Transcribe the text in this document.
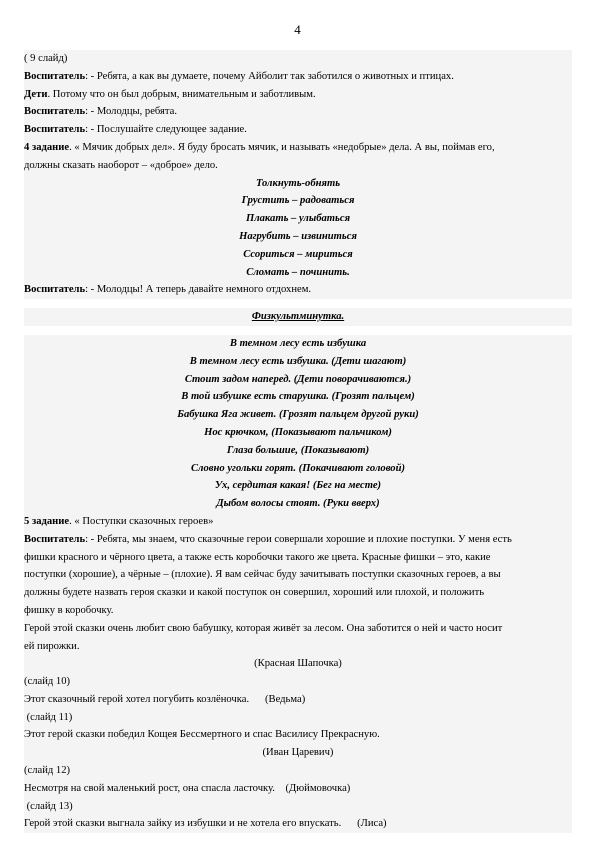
4
( 9 слайд)
Воспитатель: - Ребята, а как вы думаете, почему Айболит так заботился о животных и птицах.
Дети. Потому что он был добрым, внимательным и заботливым.
Воспитатель: - Молодцы, ребята.
Воспитатель: - Послушайте следующее задание.
4 задание. « Мячик добрых дел». Я буду бросать мячик, и называть «недобрые» дела. А вы, поймав его,
должны сказать наоборот – «доброе» дело.
Толкнуть-обнять
Грустить – радоваться
Плакать – улыбаться
Нагрубить – извиниться
Ссориться – мириться
Сломать – починить.
Воспитатель: - Молодцы! А теперь давайте немного отдохнем.
Физкультминутка.
В темном лесу есть избушка
В темном лесу есть избушка. (Дети шагают)
Стоит задом наперед. (Дети поворачиваются.)
В той избушке есть старушка. (Грозят пальцем)
Бабушка Яга живет. (Грозят пальцем другой руки)
Нос крючком, (Показывают пальчиком)
Глаза большие, (Показывают)
Словно угольки горят. (Покачивают головой)
Ух, сердитая какая! (Бег на месте)
Дыбом волосы стоят. (Руки вверх)
5 задание. « Поступки сказочных героев»
Воспитатель: - Ребята, мы знаем, что сказочные герои совершали хорошие и плохие поступки. У меня есть
фишки красного и чёрного цвета, а также есть коробочки такого же цвета. Красные фишки – это, какие
поступки (хорошие), а чёрные – (плохие). Я вам сейчас буду зачитывать поступки сказочных героев, а вы
должны будете назвать героя сказки и какой поступок он совершил, хороший или плохой, и положить
фишку в коробочку.
Герой этой сказки очень любит свою бабушку, которая живёт за лесом. Она заботится о ней и часто носит
ей пирожки.
(Красная Шапочка)
(слайд 10)
Этот сказочный герой хотел погубить козлёночка.      (Ведьма)
(слайд 11)
Этот герой сказки победил Кощея Бессмертного и спас Василису Прекрасную.
(Иван Царевич)
(слайд 12)
Несмотря на свой маленький рост, она спасла ласточку.    (Дюймовочка)
(слайд 13)
Герой этой сказки выгнала зайку из избушки и не хотела его впускать.      (Лиса)
